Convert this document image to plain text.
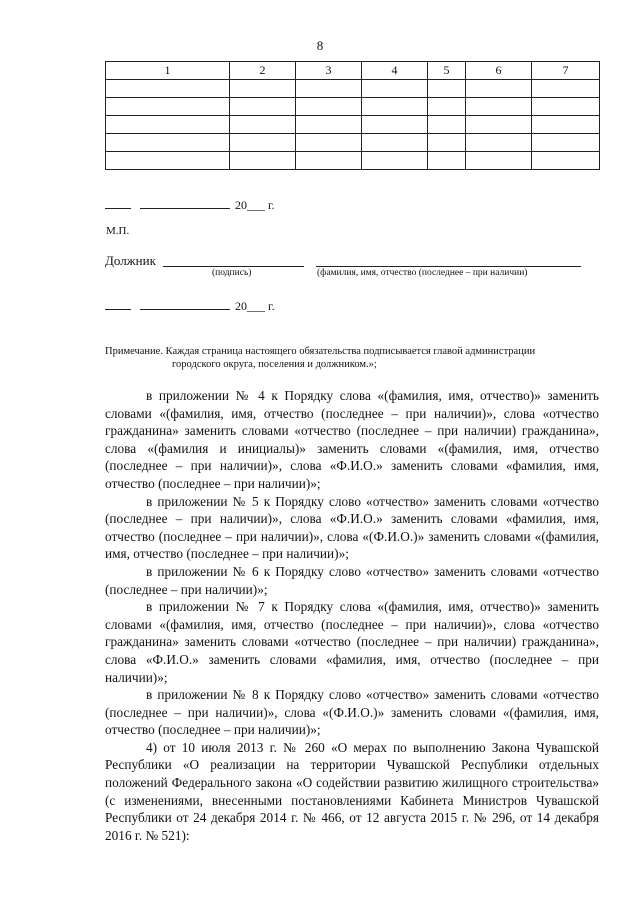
8
1	2	3	4	5	6	7

20___ г.
М.П.
Должник
(подпись)	(фамилия, имя, отчество (последнее – при наличии)
20___ г.
Примечание. Каждая страница настоящего обязательства подписывается главой администрации
городского округа, поселения и должником.»;

в приложении № 4 к Порядку слова «(фамилия, имя, отчество)» заменить словами «(фамилия, имя, отчество (последнее – при наличии)», слова «отчество гражданина» заменить словами «отчество (последнее – при наличии) гражданина», слова «(фамилия и инициалы)» заменить словами «(фамилия, имя, отчество (последнее – при наличии)», слова «Ф.И.О.» заменить словами «фамилия, имя, отчество (последнее – при наличии)»;

в приложении № 5 к Порядку слово «отчество» заменить словами «отчество (последнее – при наличии)», слова «Ф.И.О.» заменить словами «фамилия, имя, отчество (последнее – при наличии)», слова «(Ф.И.О.)» заменить словами «(фамилия, имя, отчество (последнее – при наличии)»;

в приложении № 6 к Порядку слово «отчество» заменить словами «отчество (последнее – при наличии)»;

в приложении № 7 к Порядку слова «(фамилия, имя, отчество)» заменить словами «(фамилия, имя, отчество (последнее – при наличии)», слова «отчество гражданина» заменить словами «отчество (последнее – при наличии) гражданина», слова «Ф.И.О.» заменить словами «фамилия, имя, отчество (последнее – при наличии)»;

в приложении № 8 к Порядку слово «отчество» заменить словами «отчество (последнее – при наличии)», слова «(Ф.И.О.)» заменить словами «(фамилия, имя, отчество (последнее – при наличии)»;

4) от 10 июля 2013 г. № 260 «О мерах по выполнению Закона Чувашской Республики «О реализации на территории Чувашской Республики отдельных положений Федерального закона «О содействии развитию жилищного строительства» (с изменениями, внесенными постановлениями Кабинета Министров Чувашской Республики от 24 декабря 2014 г. № 466, от 12 августа 2015 г. № 296, от 14 декабря 2016 г. № 521):
